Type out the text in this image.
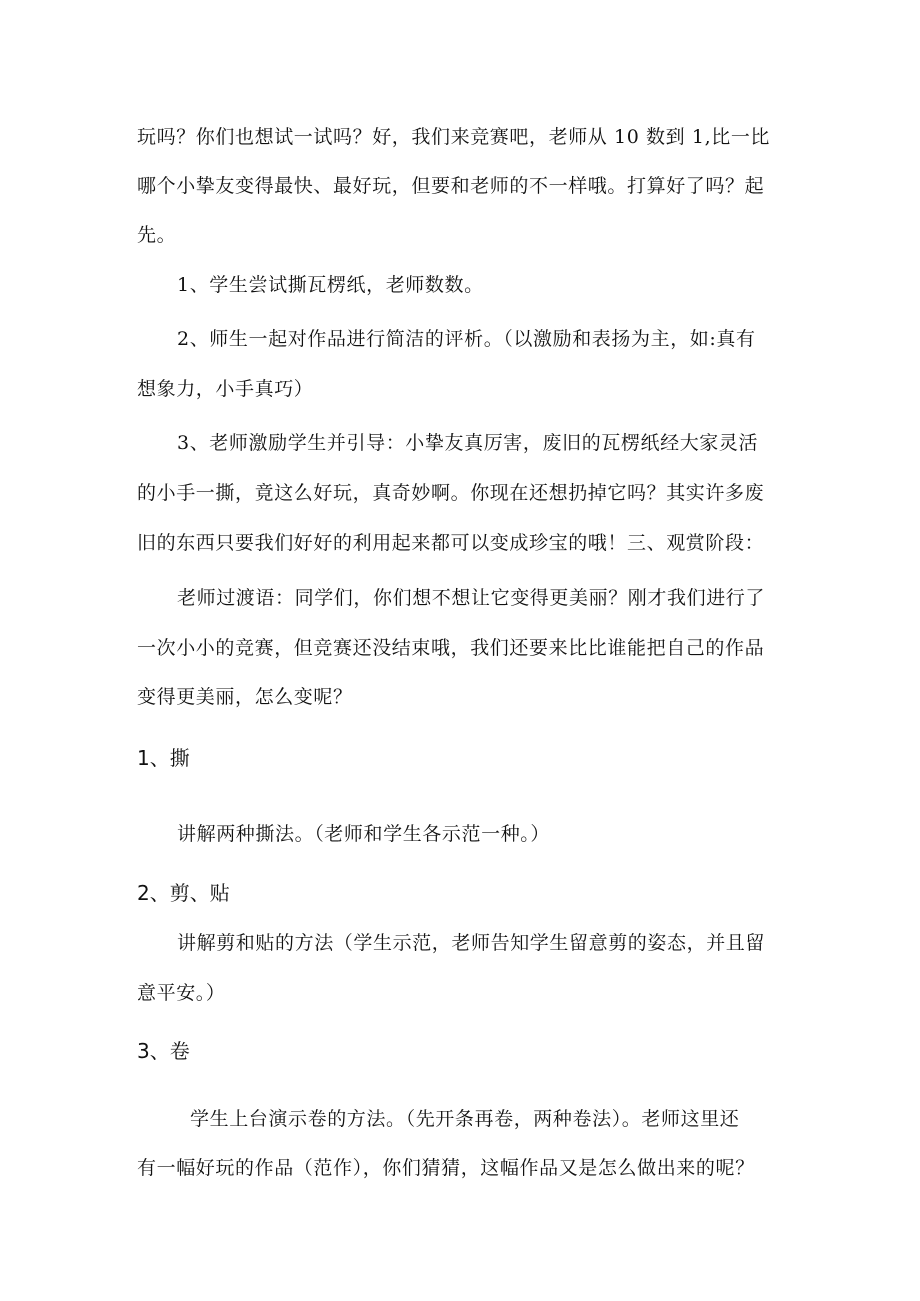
玩吗？你们也想试一试吗？好，我们来竞赛吧，老师从 10 数到 1,比一比
哪个小挚友变得最快、最好玩，但要和老师的不一样哦。打算好了吗？起
先。
1、学生尝试撕瓦楞纸，老师数数。
2、师生一起对作品进行简洁的评析。（以激励和表扬为主，如:真有
想象力，小手真巧）
3、老师激励学生并引导：小挚友真厉害，废旧的瓦楞纸经大家灵活
的小手一撕，竟这么好玩，真奇妙啊。你现在还想扔掉它吗？其实许多废
旧的东西只要我们好好的利用起来都可以变成珍宝的哦！三、观赏阶段：
老师过渡语：同学们，你们想不想让它变得更美丽？刚才我们进行了
一次小小的竞赛，但竞赛还没结束哦，我们还要来比比谁能把自己的作品
变得更美丽，怎么变呢？
1、撕
讲解两种撕法。（老师和学生各示范一种。）
2、剪、贴
讲解剪和贴的方法（学生示范，老师告知学生留意剪的姿态，并且留
意平安。）
3、卷
学生上台演示卷的方法。（先开条再卷，两种卷法）。老师这里还
有一幅好玩的作品（范作），你们猜猜，这幅作品又是怎么做出来的呢？
